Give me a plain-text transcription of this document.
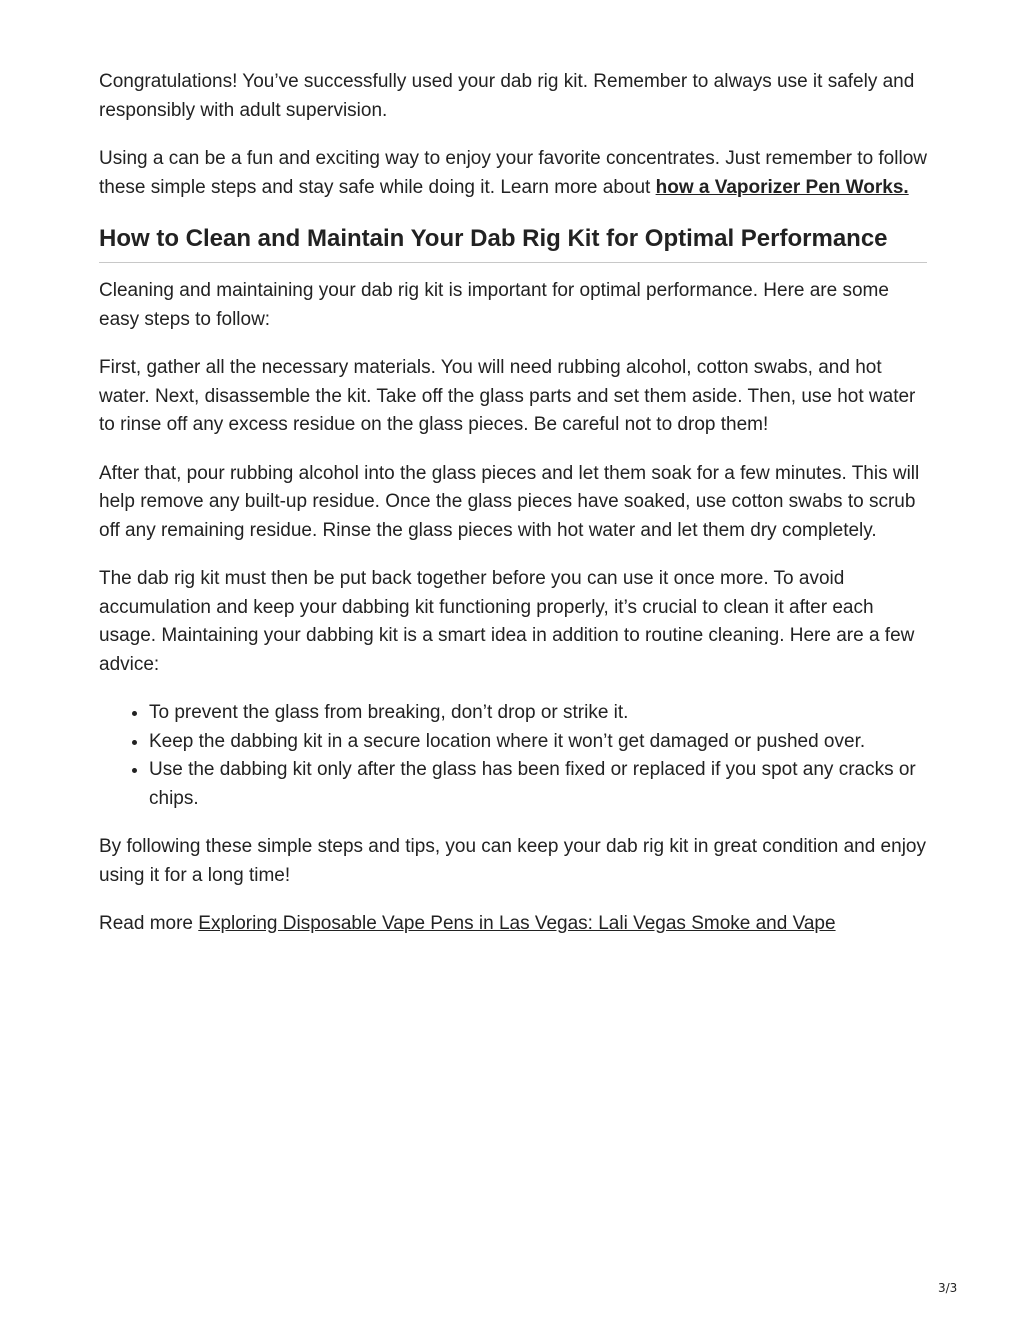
Congratulations! You’ve successfully used your dab rig kit. Remember to always use it safely and responsibly with adult supervision.

Using a can be a fun and exciting way to enjoy your favorite concentrates. Just remember to follow these simple steps and stay safe while doing it. Learn more about how a Vaporizer Pen Works.

How to Clean and Maintain Your Dab Rig Kit for Optimal Performance

Cleaning and maintaining your dab rig kit is important for optimal performance. Here are some easy steps to follow:

First, gather all the necessary materials. You will need rubbing alcohol, cotton swabs, and hot water. Next, disassemble the kit. Take off the glass parts and set them aside. Then, use hot water to rinse off any excess residue on the glass pieces. Be careful not to drop them!

After that, pour rubbing alcohol into the glass pieces and let them soak for a few minutes. This will help remove any built-up residue. Once the glass pieces have soaked, use cotton swabs to scrub off any remaining residue. Rinse the glass pieces with hot water and let them dry completely.

The dab rig kit must then be put back together before you can use it once more. To avoid accumulation and keep your dabbing kit functioning properly, it’s crucial to clean it after each usage. Maintaining your dabbing kit is a smart idea in addition to routine cleaning. Here are a few advice:

• To prevent the glass from breaking, don’t drop or strike it.
• Keep the dabbing kit in a secure location where it won’t get damaged or pushed over.
• Use the dabbing kit only after the glass has been fixed or replaced if you spot any cracks or chips.

By following these simple steps and tips, you can keep your dab rig kit in great condition and enjoy using it for a long time!

Read more Exploring Disposable Vape Pens in Las Vegas: Lali Vegas Smoke and Vape

3/3
